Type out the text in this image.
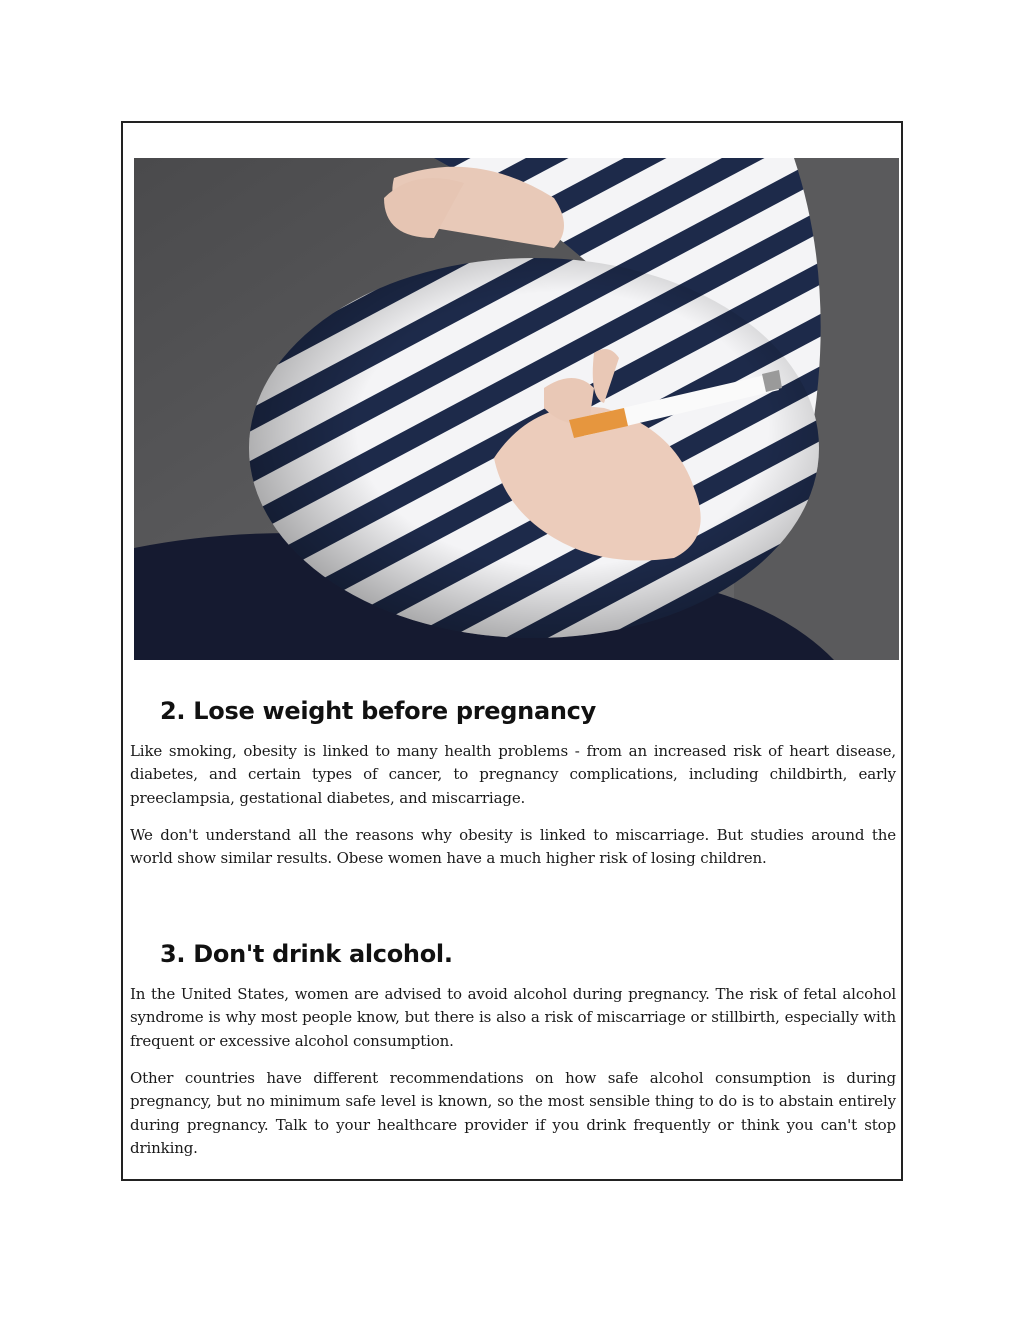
2. Lose weight before pregnancy

Like smoking, obesity is linked to many health problems - from an increased risk of heart disease, diabetes, and certain types of cancer, to pregnancy complications, including childbirth, early preeclampsia, gestational diabetes, and miscarriage.

We don't understand all the reasons why obesity is linked to miscarriage. But studies around the world show similar results. Obese women have a much higher risk of losing children.

3. Don't drink alcohol.

In the United States, women are advised to avoid alcohol during pregnancy. The risk of fetal alcohol syndrome is why most people know, but there is also a risk of miscarriage or stillbirth, especially with frequent or excessive alcohol consumption.

Other countries have different recommendations on how safe alcohol consumption is during pregnancy, but no minimum safe level is known, so the most sensible thing to do is to abstain entirely during pregnancy. Talk to your healthcare provider if you drink frequently or think you can't stop drinking.
